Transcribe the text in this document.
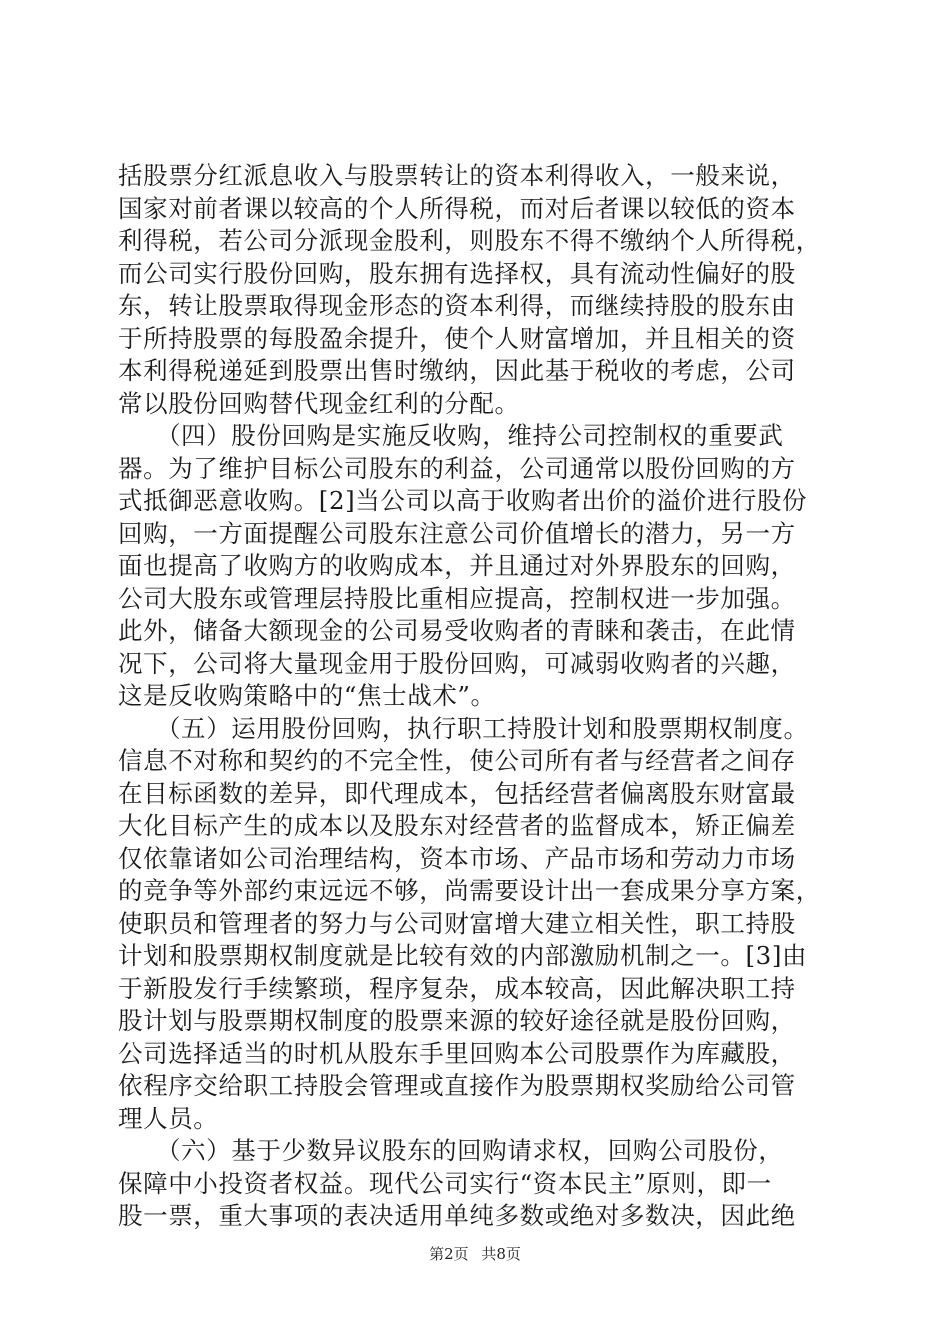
括股票分红派息收入与股票转让的资本利得收入，一般来说，
国家对前者课以较高的个人所得税，而对后者课以较低的资本
利得税，若公司分派现金股利，则股东不得不缴纳个人所得税，
而公司实行股份回购，股东拥有选择权，具有流动性偏好的股
东，转让股票取得现金形态的资本利得，而继续持股的股东由
于所持股票的每股盈余提升，使个人财富增加，并且相关的资
本利得税递延到股票出售时缴纳，因此基于税收的考虑，公司
常以股份回购替代现金红利的分配。
　　（四）股份回购是实施反收购，维持公司控制权的重要武
器。为了维护目标公司股东的利益，公司通常以股份回购的方
式抵御恶意收购。[2]当公司以高于收购者出价的溢价进行股份
回购，一方面提醒公司股东注意公司价值增长的潜力，另一方
面也提高了收购方的收购成本，并且通过对外界股东的回购，
公司大股东或管理层持股比重相应提高，控制权进一步加强。
此外，储备大额现金的公司易受收购者的青睐和袭击，在此情
况下，公司将大量现金用于股份回购，可减弱收购者的兴趣，
这是反收购策略中的“焦士战术”。
　　（五）运用股份回购，执行职工持股计划和股票期权制度。
信息不对称和契约的不完全性，使公司所有者与经营者之间存
在目标函数的差异，即代理成本，包括经营者偏离股东财富最
大化目标产生的成本以及股东对经营者的监督成本，矫正偏差
仅依靠诸如公司治理结构，资本市场、产品市场和劳动力市场
的竞争等外部约束远远不够，尚需要设计出一套成果分享方案，
使职员和管理者的努力与公司财富增大建立相关性，职工持股
计划和股票期权制度就是比较有效的内部激励机制之一。[3]由
于新股发行手续繁琐，程序复杂，成本较高，因此解决职工持
股计划与股票期权制度的股票来源的较好途径就是股份回购，
公司选择适当的时机从股东手里回购本公司股票作为库藏股，
依程序交给职工持股会管理或直接作为股票期权奖励给公司管
理人员。
　　（六）基于少数异议股东的回购请求权，回购公司股份，
保障中小投资者权益。现代公司实行“资本民主”原则，即一
股一票，重大事项的表决适用单纯多数或绝对多数决，因此绝
第2页 共8页
